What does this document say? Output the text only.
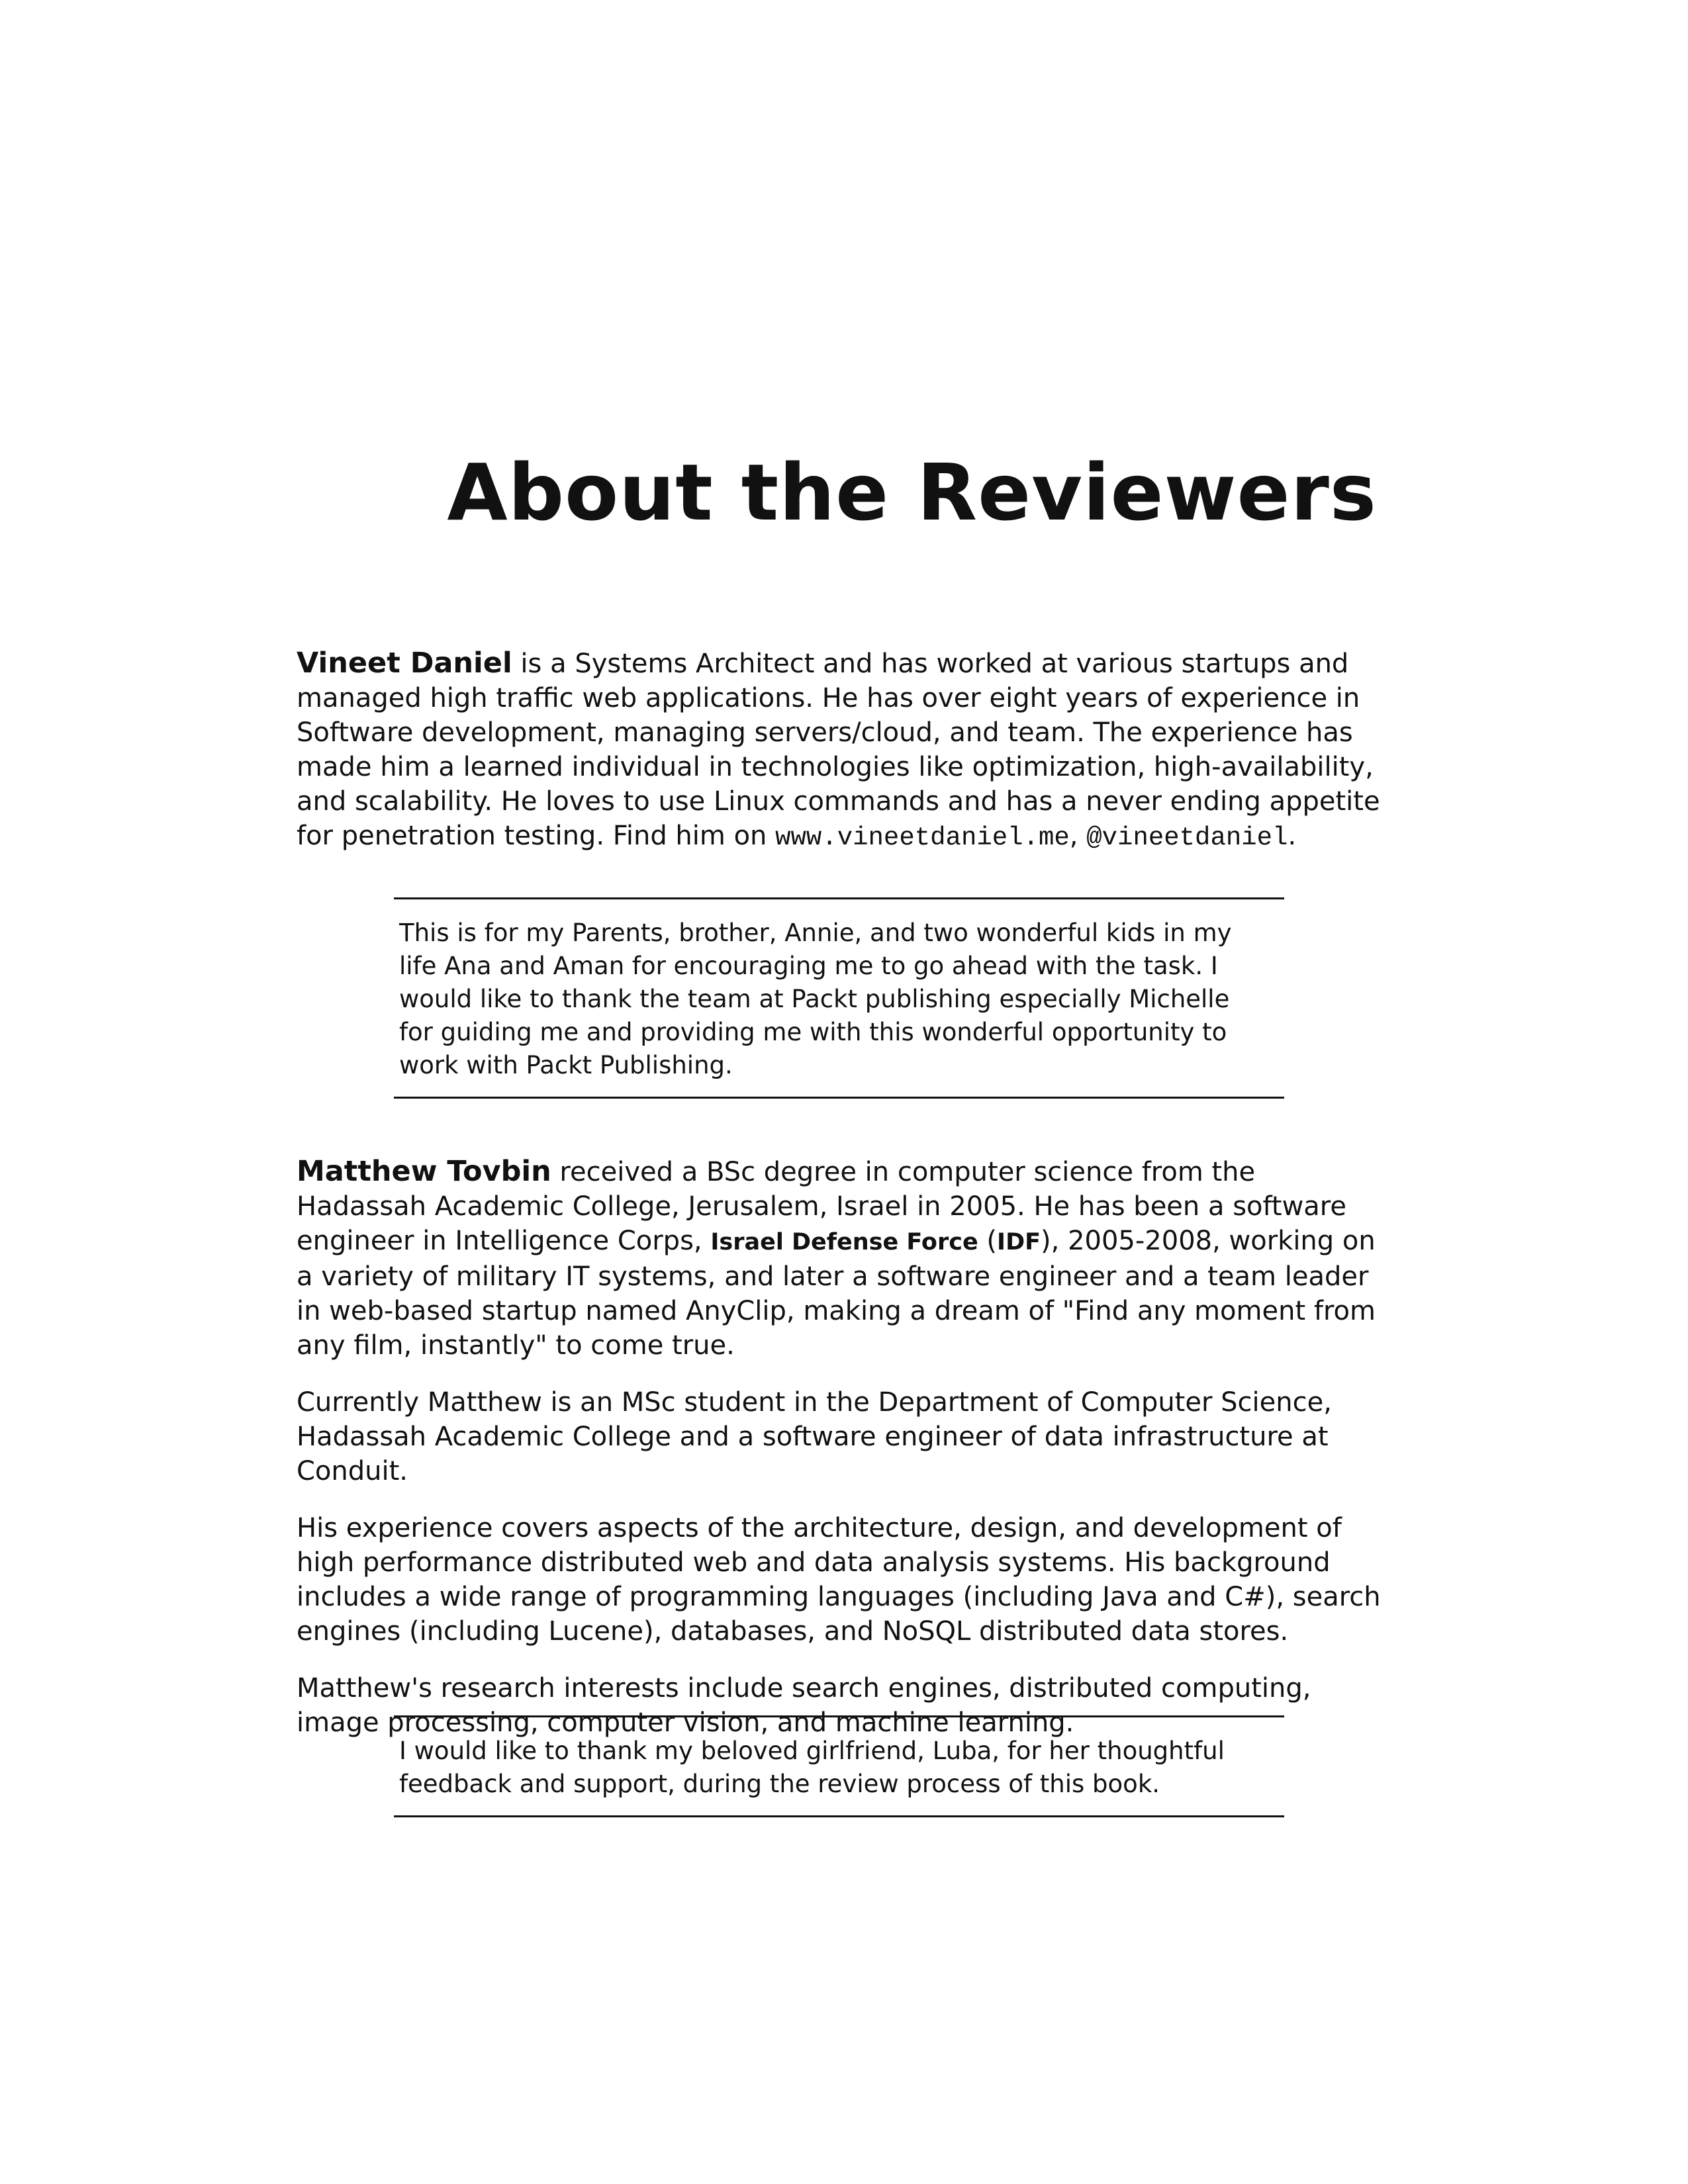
About the Reviewers

Vineet Daniel is a Systems Architect and has worked at various startups and managed high traffic web applications. He has over eight years of experience in Software development, managing servers/cloud, and team. The experience has made him a learned individual in technologies like optimization, high-availability, and scalability. He loves to use Linux commands and has a never ending appetite for penetration testing. Find him on www.vineetdaniel.me, @vineetdaniel.

This is for my Parents, brother, Annie, and two wonderful kids in my life Ana and Aman for encouraging me to go ahead with the task. I would like to thank the team at Packt publishing especially Michelle for guiding me and providing me with this wonderful opportunity to work with Packt Publishing.

Matthew Tovbin received a BSc degree in computer science from the Hadassah Academic College, Jerusalem, Israel in 2005. He has been a software engineer in Intelligence Corps, Israel Defense Force (IDF), 2005-2008, working on a variety of military IT systems, and later a software engineer and a team leader in web-based startup named AnyClip, making a dream of "Find any moment from any film, instantly" to come true.

Currently Matthew is an MSc student in the Department of Computer Science, Hadassah Academic College and a software engineer of data infrastructure at Conduit.

His experience covers aspects of the architecture, design, and development of high performance distributed web and data analysis systems. His background includes a wide range of programming languages (including Java and C#), search engines (including Lucene), databases, and NoSQL distributed data stores.

Matthew's research interests include search engines, distributed computing, image processing, computer vision, and machine learning.

I would like to thank my beloved girlfriend, Luba, for her thoughtful feedback and support, during the review process of this book.
